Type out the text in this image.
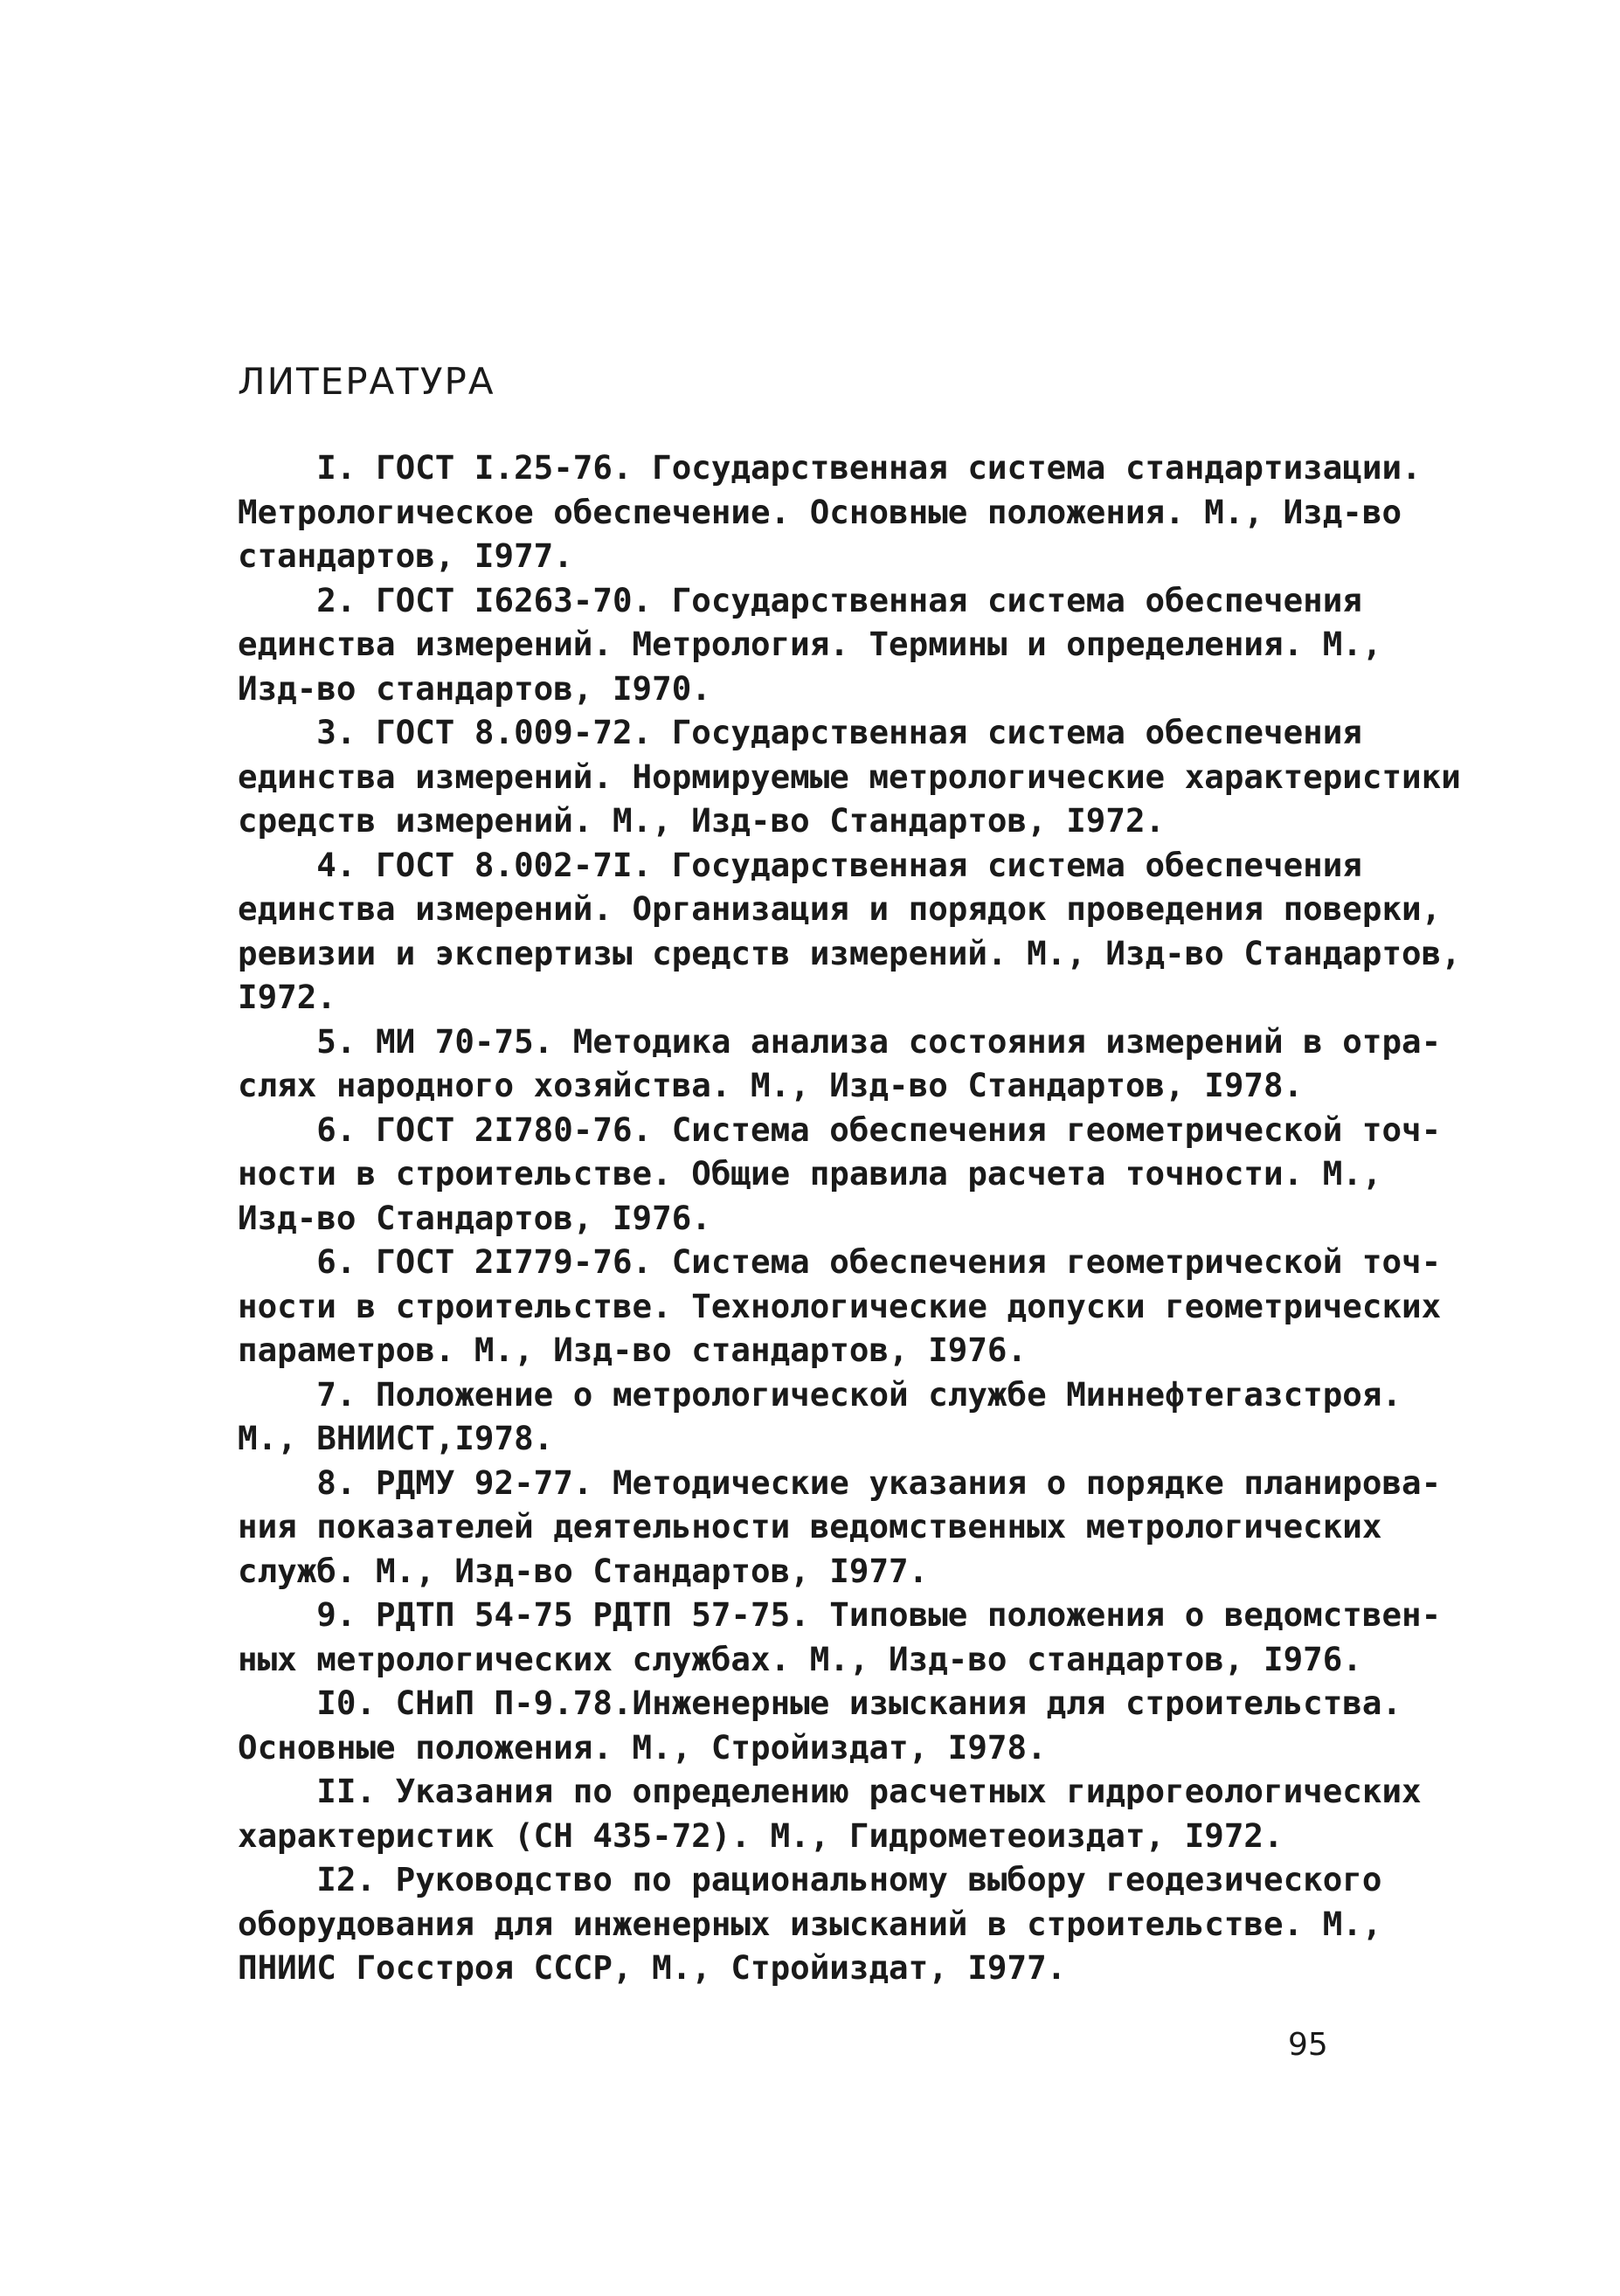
ЛИТЕРАТУРА
I. ГОСТ I.25-76. Государственная система стандартизации.
Метрологическое обеспечение. Основные положения. М., Изд-во
стандартов, I977.
2. ГОСТ I6263-70. Государственная система обеспечения
единства измерений. Метрология. Термины и определения. М.,
Изд-во стандартов, I970.
3. ГОСТ 8.009-72. Государственная система обеспечения
единства измерений. Нормируемые метрологические характеристики
средств измерений. М., Изд-во Стандартов, I972.
4. ГОСТ 8.002-7I. Государственная система обеспечения
единства измерений. Организация и порядок проведения поверки,
ревизии и экспертизы средств измерений. М., Изд-во Стандартов,
I972.
5. МИ 70-75. Методика анализа состояния измерений в отра-
слях народного хозяйства. М., Изд-во Стандартов, I978.
6. ГОСТ 2I780-76. Система обеспечения геометрической точ-
ности в строительстве. Общие правила расчета точности. М.,
Изд-во Стандартов, I976.
6. ГОСТ 2I779-76. Система обеспечения геометрической точ-
ности в строительстве. Технологические допуски геометрических
параметров. М., Изд-во стандартов, I976.
7. Положение о метрологической службе Миннефтегазстроя.
М., ВНИИСТ,I978.
8. РДМУ 92-77. Методические указания о порядке планирова-
ния показателей деятельности ведомственных метрологических
служб. М., Изд-во Стандартов, I977.
9. РДТП 54-75 РДТП 57-75. Типовые положения о ведомствен-
ных метрологических службах. М., Изд-во стандартов, I976.
I0. СНиП П-9.78.Инженерные изыскания для строительства.
Основные положения. М., Стройиздат, I978.
II. Указания по определению расчетных гидрогеологических
характеристик (СН 435-72). М., Гидрометеоиздат, I972.
I2. Руководство по рациональному выбору геодезического
оборудования для инженерных изысканий в строительстве. М.,
ПНИИС Госстроя СССР, М., Стройиздат, I977.
95
